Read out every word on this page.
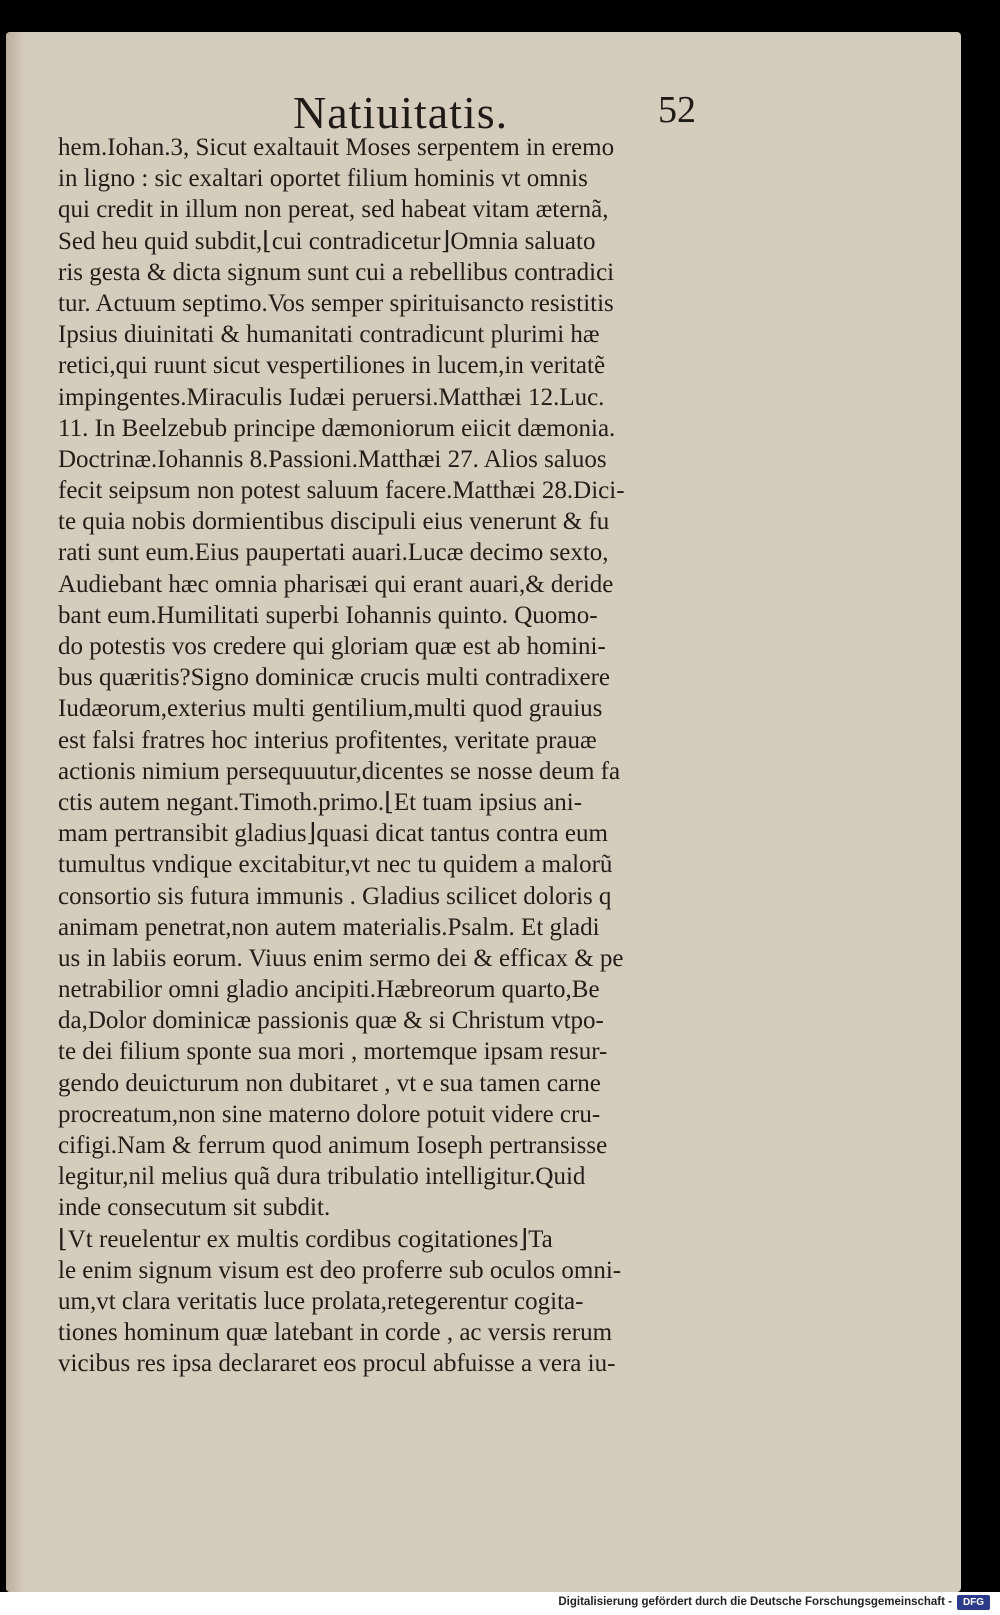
Natiuitatis.	52
hem.Iohan.3, Sicut exaltauit Moses serpentem in eremo
in ligno : sic exaltari oportet filium hominis vt omnis
qui credit in illum non pereat, sed habeat vitam æternã,
Sed heu quid subdit,⌊cui contradicetur⌋Omnia saluato
ris gesta & dicta signum sunt cui a rebellibus contradici
tur. Actuum septimo.Vos semper spirituisancto resistitis
Ipsius diuinitati & humanitati contradicunt plurimi hæ
retici,qui ruunt sicut vespertiliones in lucem,in veritatẽ
impingentes.Miraculis Iudæi peruersi.Matthæi 12.Luc.
11. In Beelzebub principe dæmoniorum eiicit dæmonia.
Doctrinæ.Iohannis 8.Passioni.Matthæi 27. Alios saluos
fecit seipsum non potest saluum facere.Matthæi 28.Dici-
te quia nobis dormientibus discipuli eius venerunt & fu
rati sunt eum.Eius paupertati auari.Lucæ decimo sexto,
Audiebant hæc omnia pharisæi qui erant auari,& deride
bant eum.Humilitati superbi Iohannis quinto. Quomo-
do potestis vos credere qui gloriam quæ est ab homini-
bus quæritis?Signo dominicæ crucis multi contradixere
Iudæorum,exterius multi gentilium,multi quod grauius
est falsi fratres hoc interius profitentes, veritate prauæ
actionis nimium persequuutur,dicentes se nosse deum fa
ctis autem negant.Timoth.primo.⌊Et tuam ipsius ani-
mam pertransibit gladius⌋quasi dicat tantus contra eum
tumultus vndique excitabitur,vt nec tu quidem a malorũ
consortio sis futura immunis . Gladius scilicet doloris q
animam penetrat,non autem materialis.Psalm. Et gladi
us in labiis eorum. Viuus enim sermo dei & efficax & pe
netrabilior omni gladio ancipiti.Hæbreorum quarto,Be
da,Dolor dominicæ passionis quæ & si Christum vtpo-
te dei filium sponte sua mori , mortemque ipsam resur-
gendo deuicturum non dubitaret , vt e sua tamen carne
procreatum,non sine materno dolore potuit videre cru-
cifigi.Nam & ferrum quod animum Ioseph pertransisse
legitur,nil melius quã dura tribulatio intelligitur.Quid
inde consecutum sit subdit.
⌊Vt reuelentur ex multis cordibus cogitationes⌋Ta
le enim signum visum est deo proferre sub oculos omni-
um,vt clara veritatis luce prolata,retegerentur cogita-
tiones hominum quæ latebant in corde , ac versis rerum
vicibus res ipsa declararet eos procul abfuisse a vera iu-
Digitalisierung gefördert durch die Deutsche Forschungsgemeinschaft -	DFG
